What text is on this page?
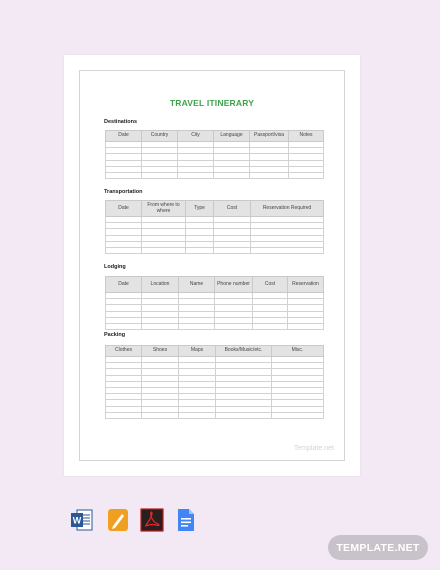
TRAVEL ITINERARY
Destinations
Date	Country	City	Language	Passport/visa	Notes

Transportation
Date	From where to where	Type	Cost	Reservation Required

Lodging
Date	Location	Name	Phone number	Cost	Reservation

Packing
Clothes	Shoes	Maps	Books/Music/etc.	Misc.

Template.net
W
TEMPLATE.NET
